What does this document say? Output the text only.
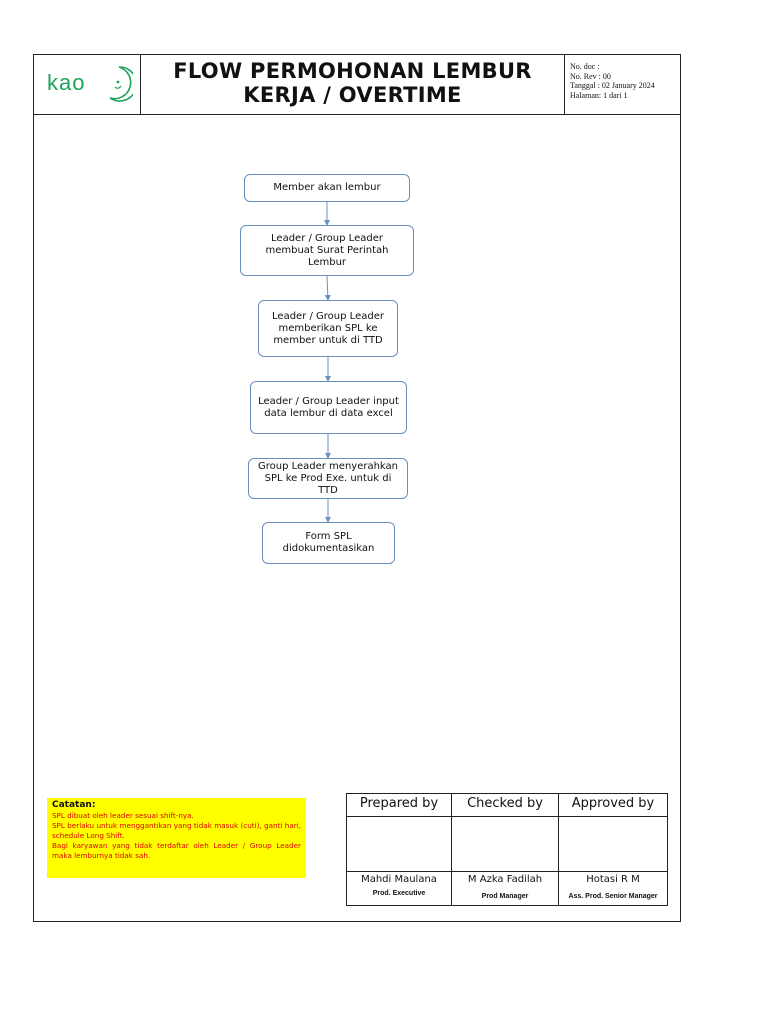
kao	FLOW PERMOHONAN LEMBUR
KERJA / OVERTIME
No. doc :
No. Rev : 00
Tanggal : 02 January 2024
Halaman: 1 dari 1
Member akan lembur
Leader / Group Leader membuat Surat Perintah Lembur
Leader / Group Leader memberikan SPL ke member untuk di TTD
Leader / Group Leader input data lembur di data excel
Group Leader menyerahkan SPL ke Prod Exe. untuk di TTD
Form SPL didokumentasikan
Catatan:
SPL dibuat oleh leader sesuai shift-nya.
SPL berlaku untuk menggantikan yang tidak masuk (cuti), ganti hari, schedule Long Shift.
Bagi karyawan yang tidak terdaftar oleh Leader / Group Leader maka lemburnya tidak sah.
Prepared by
Mahdi Maulana
Prod. Executive
Checked by
M Azka Fadilah
Prod Manager
Approved by
Hotasi R M
Ass. Prod. Senior Manager
